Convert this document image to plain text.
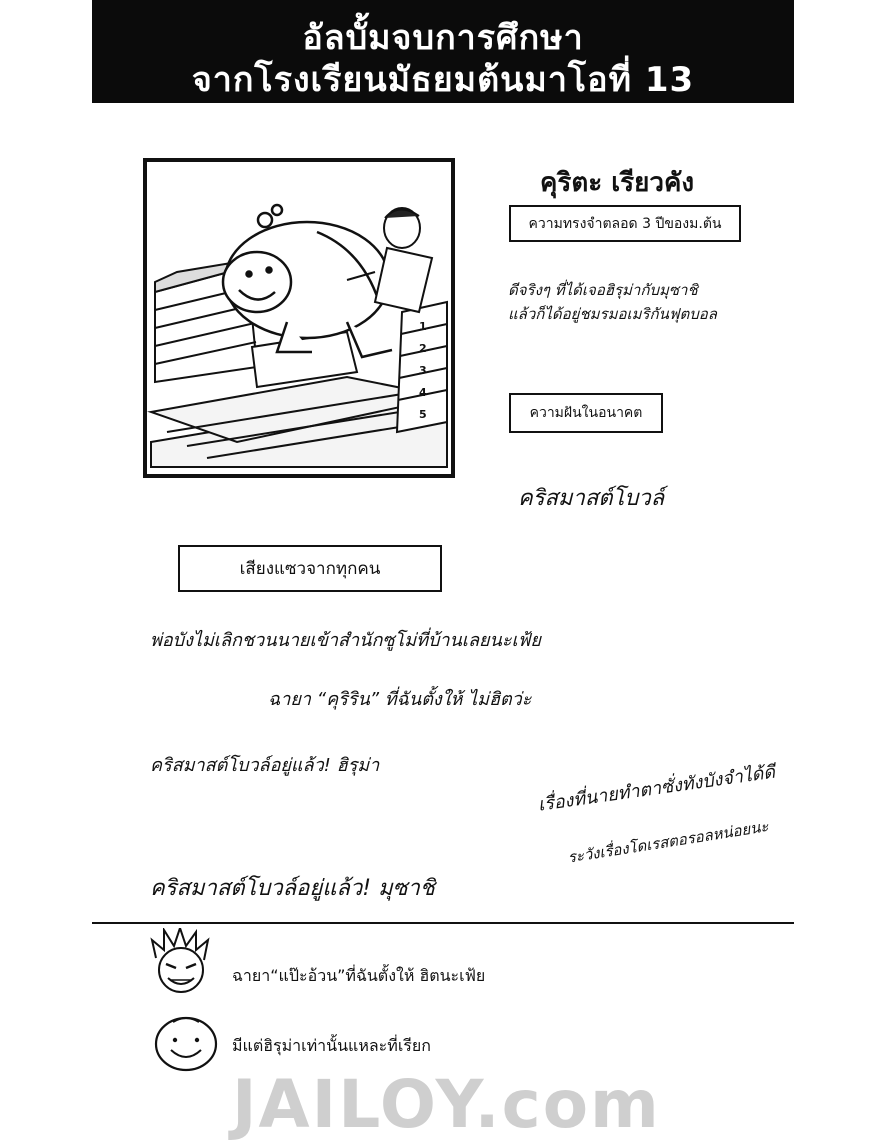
อัลบั้มจบการศึกษา
จากโรงเรียนมัธยมต้นมาโอที่ 13
1
2
3
4
5
คุริตะ เรียวคัง
ความทรงจำตลอด 3 ปีของม.ต้น
ดีจริงๆ ที่ได้เจอฮิรุม่ากับมุซาชิ
แล้วก็ได้อยู่ชมรมอเมริกันฟุตบอล
ความฝันในอนาคต
คริสมาสต์โบวล์
เสียงแซวจากทุกคน
พ่อบังไม่เลิกชวนนายเข้าสำนักซูโม่ที่บ้านเลยนะเฟ้ย
ฉายา “คุริริน” ที่ฉันตั้งให้ ไม่ฮิตว่ะ
คริสมาสต์โบวล์อยู่แล้ว! ฮิรุม่า	เรื่องที่นายทำตาซั่งทังบังจำได้ดี
ระวังเรื่องโดเรสตอรอลหน่อยนะ
คริสมาสต์โบวล์อยู่แล้ว! มุซาชิ
ฉายา“แป๊ะอ้วน”ที่ฉันตั้งให้ ฮิตนะเฟ้ย
มีแต่ฮิรุม่าเท่านั้นแหละที่เรียก
JAILOY.com
